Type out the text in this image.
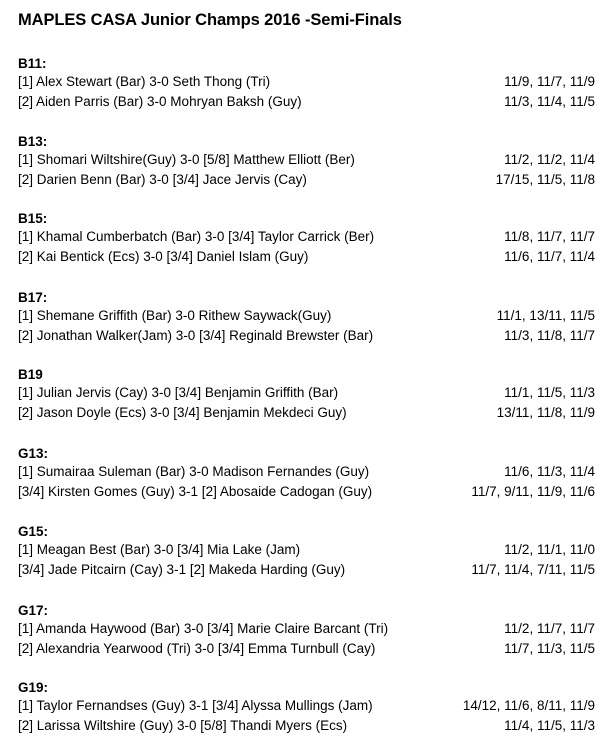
MAPLES CASA Junior Champs 2016 -Semi-Finals
B11:
[1] Alex Stewart (Bar) 3-0 Seth Thong (Tri)	11/9, 11/7, 11/9
[2] Aiden Parris (Bar) 3-0 Mohryan Baksh (Guy)	11/3, 11/4, 11/5
B13:
[1] Shomari Wiltshire(Guy) 3-0 [5/8] Matthew Elliott (Ber)	11/2, 11/2, 11/4
[2] Darien Benn (Bar) 3-0 [3/4] Jace Jervis (Cay)	17/15, 11/5, 11/8
B15:
[1] Khamal Cumberbatch (Bar) 3-0 [3/4] Taylor Carrick (Ber)	11/8, 11/7, 11/7
[2] Kai Bentick (Ecs) 3-0 [3/4] Daniel Islam (Guy)	11/6, 11/7, 11/4
B17:
[1] Shemane Griffith (Bar) 3-0 Rithew Saywack(Guy)	11/1, 13/11, 11/5
[2] Jonathan Walker(Jam) 3-0 [3/4] Reginald Brewster (Bar)	11/3, 11/8, 11/7
B19
[1] Julian Jervis (Cay) 3-0 [3/4] Benjamin Griffith (Bar)	11/1, 11/5, 11/3
[2] Jason Doyle (Ecs) 3-0 [3/4] Benjamin Mekdeci Guy)	13/11, 11/8, 11/9
G13:
[1] Sumairaa Suleman (Bar) 3-0 Madison Fernandes (Guy)	11/6, 11/3, 11/4
[3/4] Kirsten Gomes (Guy) 3-1 [2] Abosaide Cadogan (Guy)	11/7, 9/11, 11/9, 11/6
G15:
[1] Meagan Best (Bar) 3-0 [3/4] Mia Lake (Jam)	11/2, 11/1, 11/0
[3/4] Jade Pitcairn (Cay) 3-1 [2] Makeda Harding (Guy)	11/7, 11/4, 7/11, 11/5
G17:
[1] Amanda Haywood (Bar) 3-0 [3/4] Marie Claire Barcant (Tri)	11/2, 11/7, 11/7
[2] Alexandria Yearwood (Tri) 3-0 [3/4] Emma Turnbull (Cay)	11/7, 11/3, 11/5
G19:
[1] Taylor Fernandses (Guy) 3-1 [3/4] Alyssa Mullings (Jam)	14/12, 11/6, 8/11, 11/9
[2] Larissa Wiltshire (Guy) 3-0 [5/8] Thandi Myers (Ecs)	11/4, 11/5, 11/3
